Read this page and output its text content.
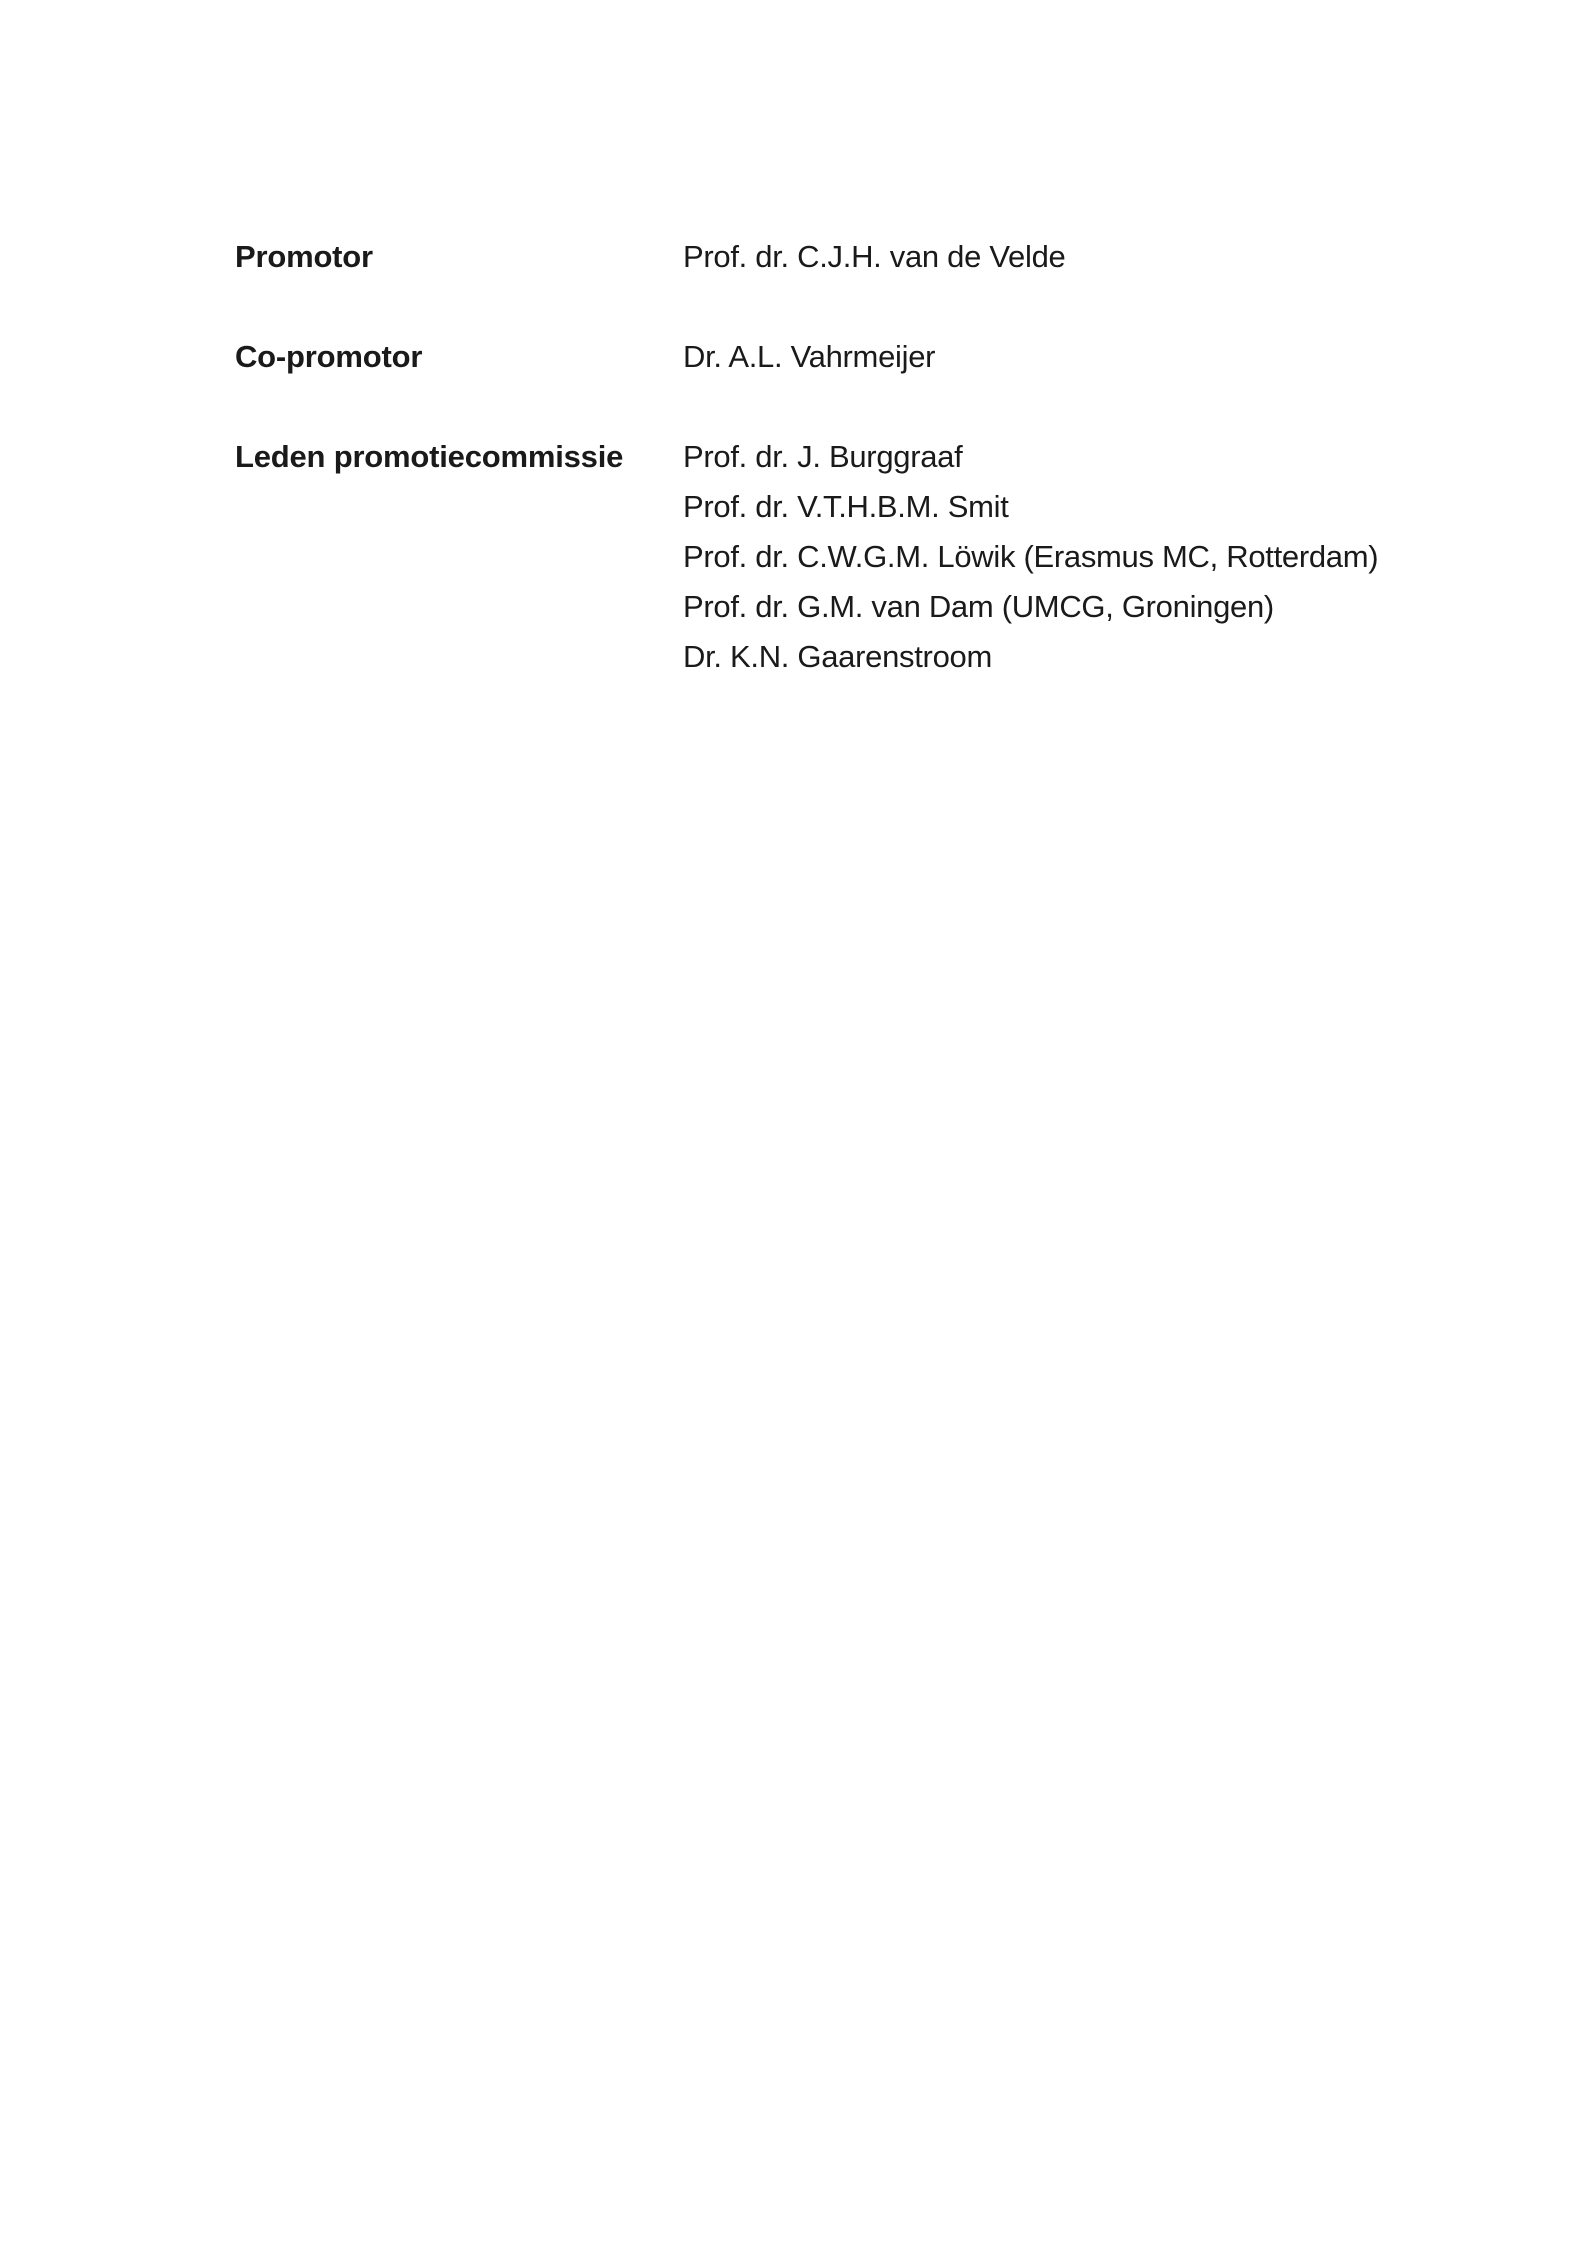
Promotor	Prof. dr. C.J.H. van de Velde
Co-promotor	Dr. A.L. Vahrmeijer
Leden promotiecommissie	Prof. dr. J. Burggraaf
Prof. dr. V.T.H.B.M. Smit
Prof. dr. C.W.G.M. Löwik (Erasmus MC, Rotterdam)
Prof. dr. G.M. van Dam (UMCG, Groningen)
Dr. K.N. Gaarenstroom
